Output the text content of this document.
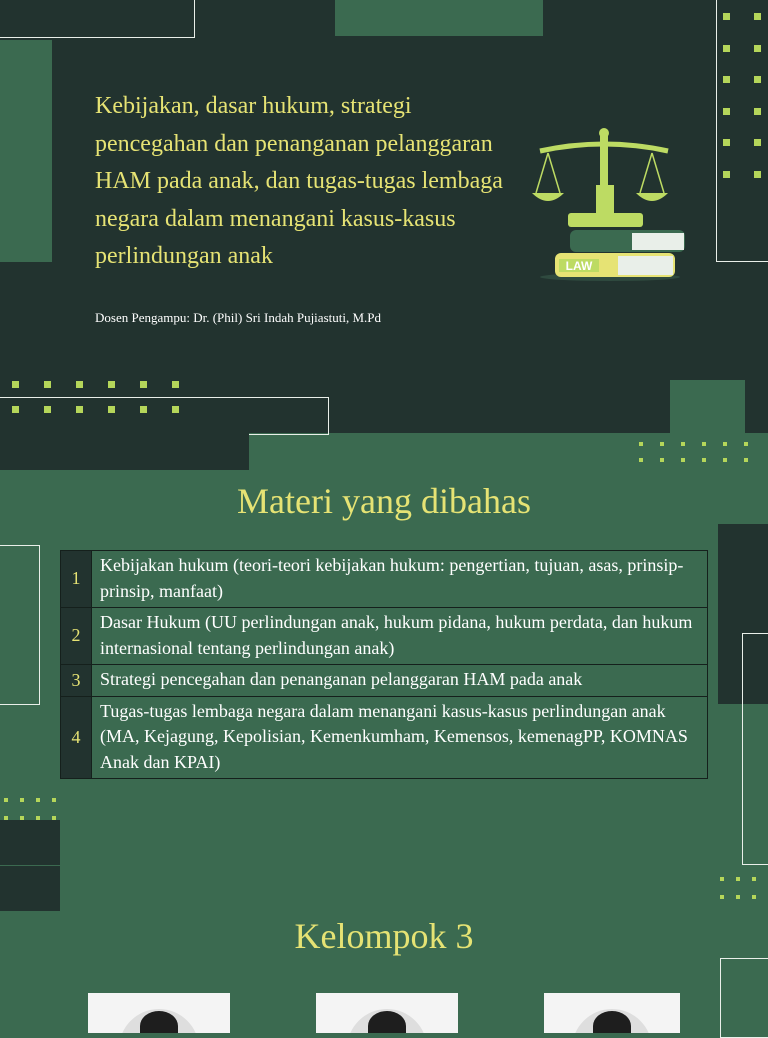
Kebijakan, dasar hukum, strategi pencegahan dan penanganan pelanggaran HAM pada anak, dan tugas-tugas lembaga negara dalam menangani kasus-kasus perlindungan anak
Dosen Pengampu: Dr. (Phil) Sri Indah Pujiastuti, M.Pd
LAW
Materi yang dibahas
1	Kebijakan hukum (teori-teori kebijakan hukum: pengertian, tujuan, asas, prinsip-prinsip, manfaat)
2	Dasar Hukum (UU perlindungan anak, hukum pidana, hukum perdata, dan hukum internasional tentang perlindungan anak)
3	Strategi pencegahan dan penanganan pelanggaran HAM pada anak
4	Tugas-tugas lembaga negara dalam menangani kasus-kasus perlindungan anak (MA, Kejagung, Kepolisian, Kemenkumham, Kemensos, kemenagPP, KOMNAS Anak dan KPAI)
Kelompok 3
